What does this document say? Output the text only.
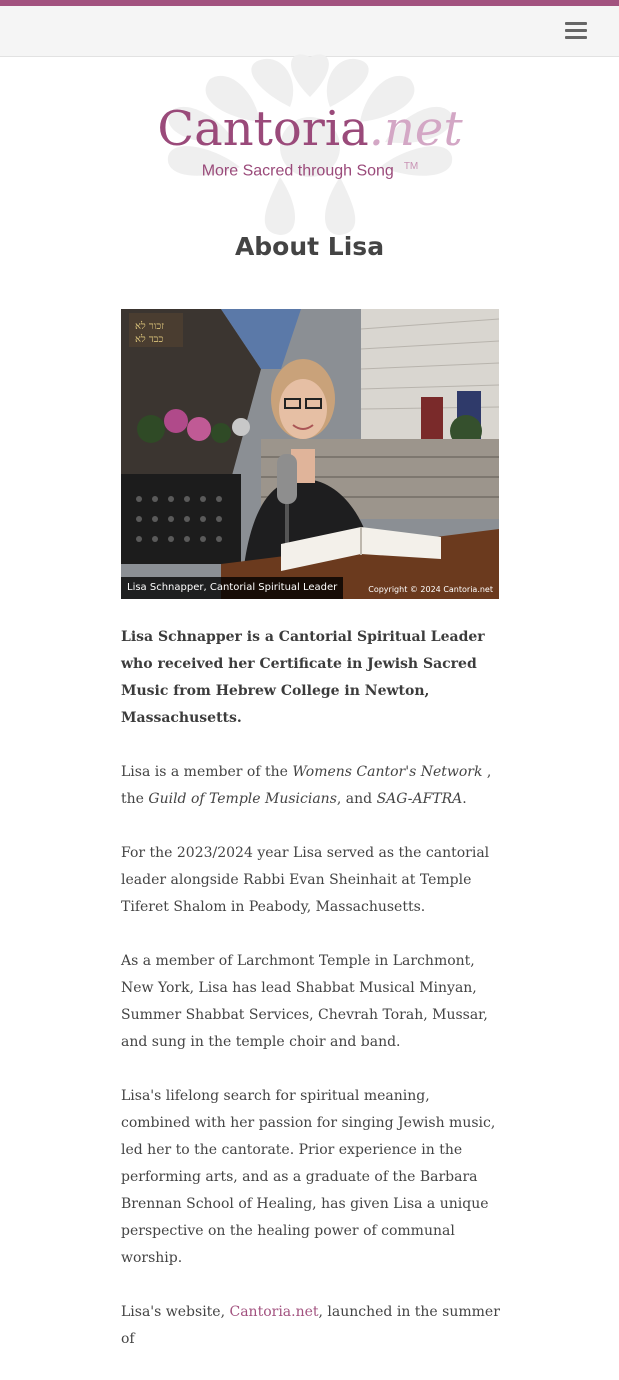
Cantoria.net
More Sacred through Song ™
About Lisa
זכור לא
כבד לא
Lisa Schnapper, Cantorial Spiritual Leader	Copyright © 2024 Cantoria.net

Lisa Schnapper is a Cantorial Spiritual Leader who received her Certificate in Jewish Sacred Music from Hebrew College in Newton, Massachusetts.

Lisa is a member of the Womens Cantor's Network , the Guild of Temple Musicians, and SAG-AFTRA.

For the 2023/2024 year Lisa served as the cantorial leader alongside Rabbi Evan Sheinhait at Temple Tiferet Shalom in Peabody, Massachusetts.

As a member of Larchmont Temple in Larchmont, New York, Lisa has lead Shabbat Musical Minyan, Summer Shabbat Services, Chevrah Torah, Mussar, and sung in the temple choir and band.

Lisa's lifelong search for spiritual meaning, combined with her passion for singing Jewish music, led her to the cantorate. Prior experience in the performing arts, and as a graduate of the Barbara Brennan School of Healing, has given Lisa a unique perspective on the healing power of communal worship.

Lisa's website, Cantoria.net, launched in the summer of
